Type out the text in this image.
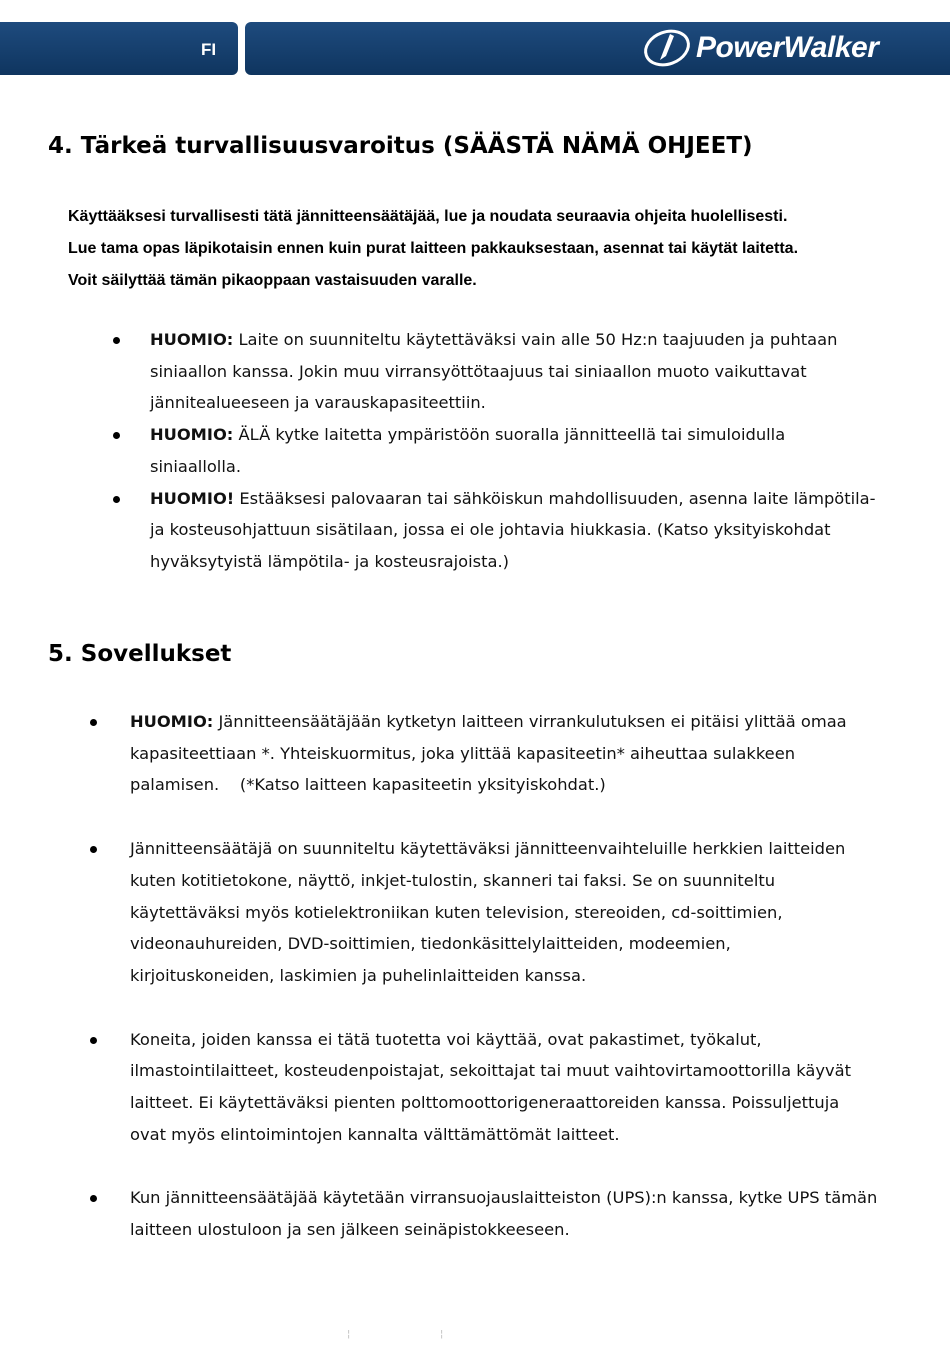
FI	PowerWalker
4. Tärkeä turvallisuusvaroitus (SÄÄSTÄ NÄMÄ OHJEET)
Käyttääksesi turvallisesti tätä jännitteensäätäjää, lue ja noudata seuraavia ohjeita huolellisesti.
Lue tama opas läpikotaisin ennen kuin purat laitteen pakkauksestaan, asennat tai käytät laitetta.
Voit säilyttää tämän pikaoppaan vastaisuuden varalle.
HUOMIO: Laite on suunniteltu käytettäväksi vain alle 50 Hz:n taajuuden ja puhtaan
siniaallon kanssa. Jokin muu virransyöttötaajuus tai siniaallon muoto vaikuttavat
jännitealueeseen ja varauskapasiteettiin.
HUOMIO: ÄLÄ kytke laitetta ympäristöön suoralla jännitteellä tai simuloidulla
siniaallolla.
HUOMIO! Estääksesi palovaaran tai sähköiskun mahdollisuuden, asenna laite lämpötila-
ja kosteusohjattuun sisätilaan, jossa ei ole johtavia hiukkasia. (Katso yksityiskohdat
hyväksytyistä lämpötila- ja kosteusrajoista.)
5. Sovellukset
HUOMIO: Jännitteensäätäjään kytketyn laitteen virrankulutuksen ei pitäisi ylittää omaa
kapasiteettiaan *. Yhteiskuormitus, joka ylittää kapasiteetin* aiheuttaa sulakkeen
palamisen.    (*Katso laitteen kapasiteetin yksityiskohdat.)
Jännitteensäätäjä on suunniteltu käytettäväksi jännitteenvaihteluille herkkien laitteiden
kuten kotitietokone, näyttö, inkjet-tulostin, skanneri tai faksi. Se on suunniteltu
käytettäväksi myös kotielektroniikan kuten television, stereoiden, cd-soittimien,
videonauhureiden, DVD-soittimien, tiedonkäsittelylaitteiden, modeemien,
kirjoituskoneiden, laskimien ja puhelinlaitteiden kanssa.
Koneita, joiden kanssa ei tätä tuotetta voi käyttää, ovat pakastimet, työkalut,
ilmastointilaitteet, kosteudenpoistajat, sekoittajat tai muut vaihtovirtamoottorilla käyvät
laitteet. Ei käytettäväksi pienten polttomoottorigeneraattoreiden kanssa. Poissuljettuja
ovat myös elintoimintojen kannalta välttämättömät laitteet.
Kun jännitteensäätäjää käytetään virransuojauslaitteiston (UPS):n kanssa, kytke UPS tämän
laitteen ulostuloon ja sen jälkeen seinäpistokkeeseen.
¦	¦
